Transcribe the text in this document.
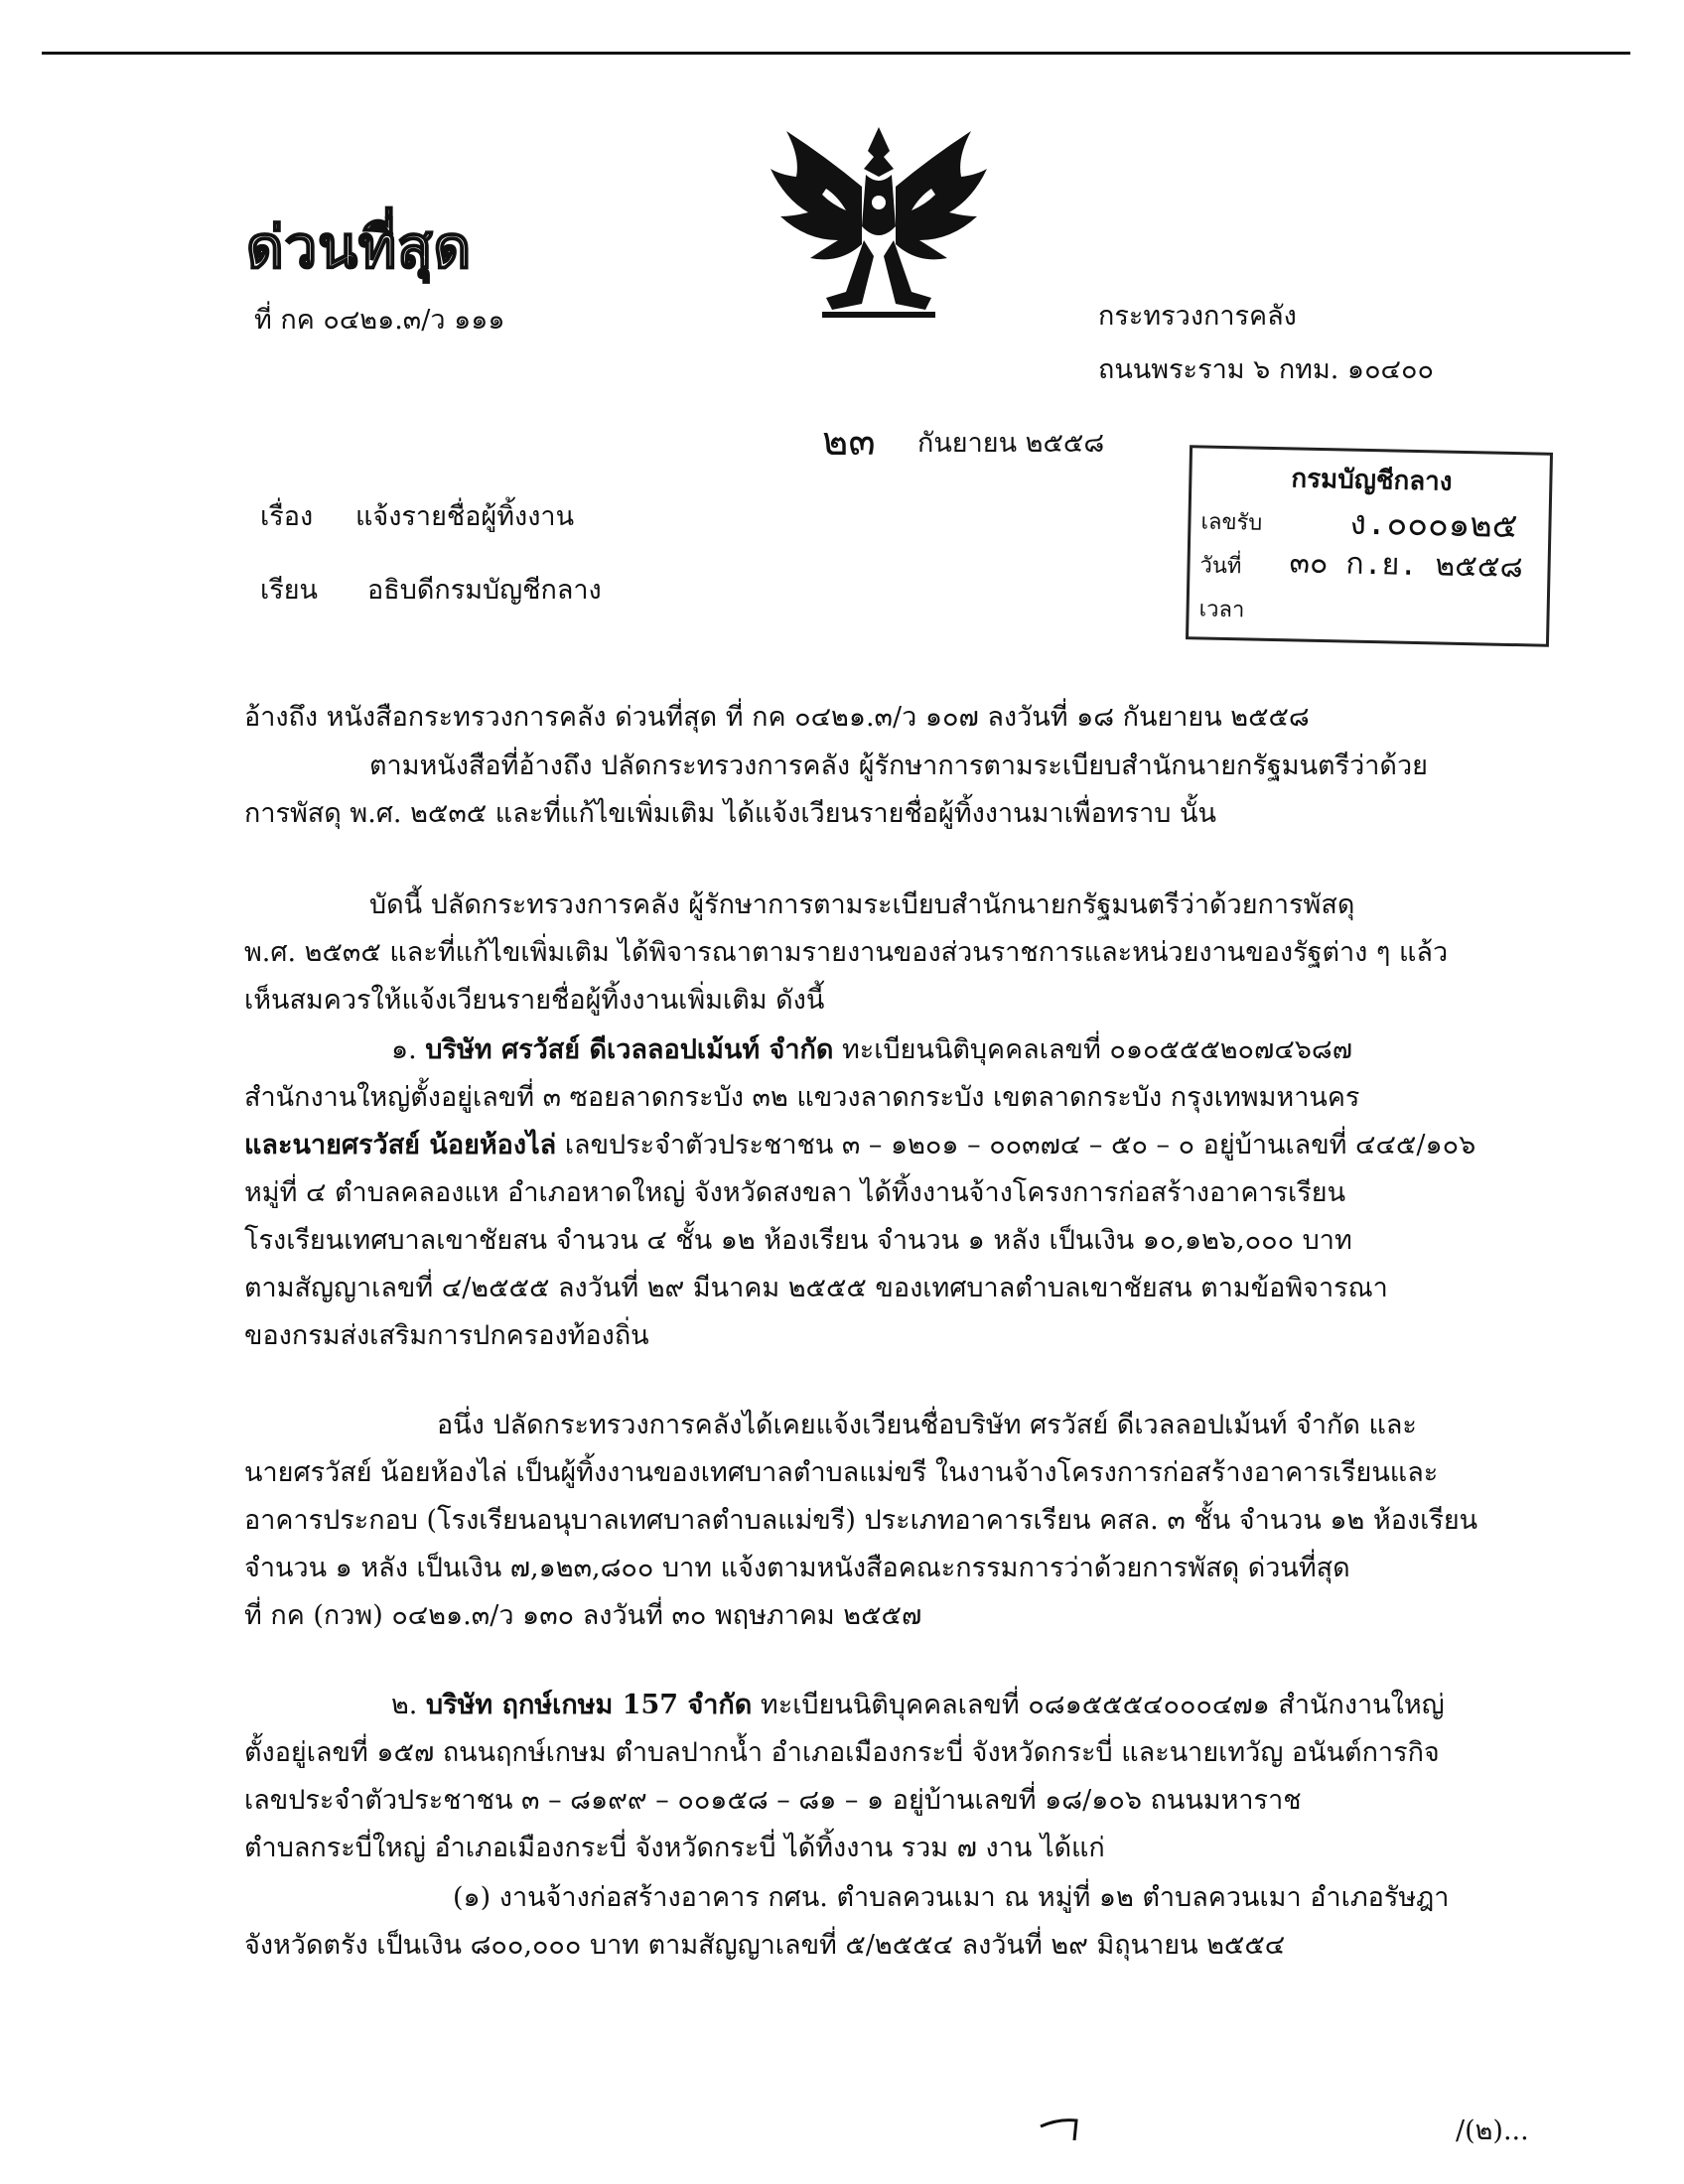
ด่วนที่สุด
ที่ กค ๐๔๒๑.๓/ว ๑๑๑	กระทรวงการคลัง
ถนนพระราม ๖ กทม. ๑๐๔๐๐
๒๓ กันยายน ๒๕๕๘
กรมบัญชีกลาง
เลขรับ	ง.๐๐๐๑๒๕
วันที่ ๓๐ ก.ย. ๒๕๕๘
เวลา
เรื่อง แจ้งรายชื่อผู้ทิ้งงาน
เรียน อธิบดีกรมบัญชีกลาง
อ้างถึง หนังสือกระทรวงการคลัง ด่วนที่สุด ที่ กค ๐๔๒๑.๓/ว ๑๐๗ ลงวันที่ ๑๘ กันยายน ๒๕๕๘
ตามหนังสือที่อ้างถึง ปลัดกระทรวงการคลัง ผู้รักษาการตามระเบียบสำนักนายกรัฐมนตรีว่าด้วย
การพัสดุ พ.ศ. ๒๕๓๕ และที่แก้ไขเพิ่มเติม ได้แจ้งเวียนรายชื่อผู้ทิ้งงานมาเพื่อทราบ นั้น
บัดนี้ ปลัดกระทรวงการคลัง ผู้รักษาการตามระเบียบสำนักนายกรัฐมนตรีว่าด้วยการพัสดุ
พ.ศ. ๒๕๓๕ และที่แก้ไขเพิ่มเติม ได้พิจารณาตามรายงานของส่วนราชการและหน่วยงานของรัฐต่าง ๆ แล้ว
เห็นสมควรให้แจ้งเวียนรายชื่อผู้ทิ้งงานเพิ่มเติม ดังนี้
๑. บริษัท ศรวัสย์ ดีเวลลอปเม้นท์ จำกัด ทะเบียนนิติบุคคลเลขที่ ๐๑๐๕๕๕๒๐๗๔๖๘๗
สำนักงานใหญ่ตั้งอยู่เลขที่ ๓ ซอยลาดกระบัง ๓๒ แขวงลาดกระบัง เขตลาดกระบัง กรุงเทพมหานคร
และนายศรวัสย์ น้อยห้องไล่ เลขประจำตัวประชาชน ๓ – ๑๒๐๑ – ๐๐๓๗๔ – ๕๐ – ๐ อยู่บ้านเลขที่ ๔๔๕/๑๐๖
หมู่ที่ ๔ ตำบลคลองแห อำเภอหาดใหญ่ จังหวัดสงขลา ได้ทิ้งงานจ้างโครงการก่อสร้างอาคารเรียน
โรงเรียนเทศบาลเขาชัยสน จำนวน ๔ ชั้น ๑๒ ห้องเรียน จำนวน ๑ หลัง เป็นเงิน ๑๐,๑๒๖,๐๐๐ บาท
ตามสัญญาเลขที่ ๔/๒๕๕๕ ลงวันที่ ๒๙ มีนาคม ๒๕๕๕ ของเทศบาลตำบลเขาชัยสน ตามข้อพิจารณา
ของกรมส่งเสริมการปกครองท้องถิ่น
อนึ่ง ปลัดกระทรวงการคลังได้เคยแจ้งเวียนชื่อบริษัท ศรวัสย์ ดีเวลลอปเม้นท์ จำกัด และ
นายศรวัสย์ น้อยห้องไล่ เป็นผู้ทิ้งงานของเทศบาลตำบลแม่ขรี ในงานจ้างโครงการก่อสร้างอาคารเรียนและ
อาคารประกอบ (โรงเรียนอนุบาลเทศบาลตำบลแม่ขรี) ประเภทอาคารเรียน คสล. ๓ ชั้น จำนวน ๑๒ ห้องเรียน
จำนวน ๑ หลัง เป็นเงิน ๗,๑๒๓,๘๐๐ บาท แจ้งตามหนังสือคณะกรรมการว่าด้วยการพัสดุ ด่วนที่สุด
ที่ กค (กวพ) ๐๔๒๑.๓/ว ๑๓๐ ลงวันที่ ๓๐ พฤษภาคม ๒๕๕๗
๒. บริษัท ฤกษ์เกษม 157 จำกัด ทะเบียนนิติบุคคลเลขที่ ๐๘๑๕๕๕๔๐๐๐๔๗๑ สำนักงานใหญ่
ตั้งอยู่เลขที่ ๑๕๗ ถนนฤกษ์เกษม ตำบลปากน้ำ อำเภอเมืองกระบี่ จังหวัดกระบี่ และนายเทวัญ อนันต์การกิจ
เลขประจำตัวประชาชน ๓ – ๘๑๙๙ – ๐๐๑๕๘ – ๘๑ – ๑ อยู่บ้านเลขที่ ๑๘/๑๐๖ ถนนมหาราช
ตำบลกระบี่ใหญ่ อำเภอเมืองกระบี่ จังหวัดกระบี่ ได้ทิ้งงาน รวม ๗ งาน ได้แก่
(๑) งานจ้างก่อสร้างอาคาร กศน. ตำบลควนเมา ณ หมู่ที่ ๑๒ ตำบลควนเมา อำเภอรัษฎา
จังหวัดตรัง เป็นเงิน ๘๐๐,๐๐๐ บาท ตามสัญญาเลขที่ ๕/๒๕๕๔ ลงวันที่ ๒๙ มิถุนายน ๒๕๕๔
/(๒)...
